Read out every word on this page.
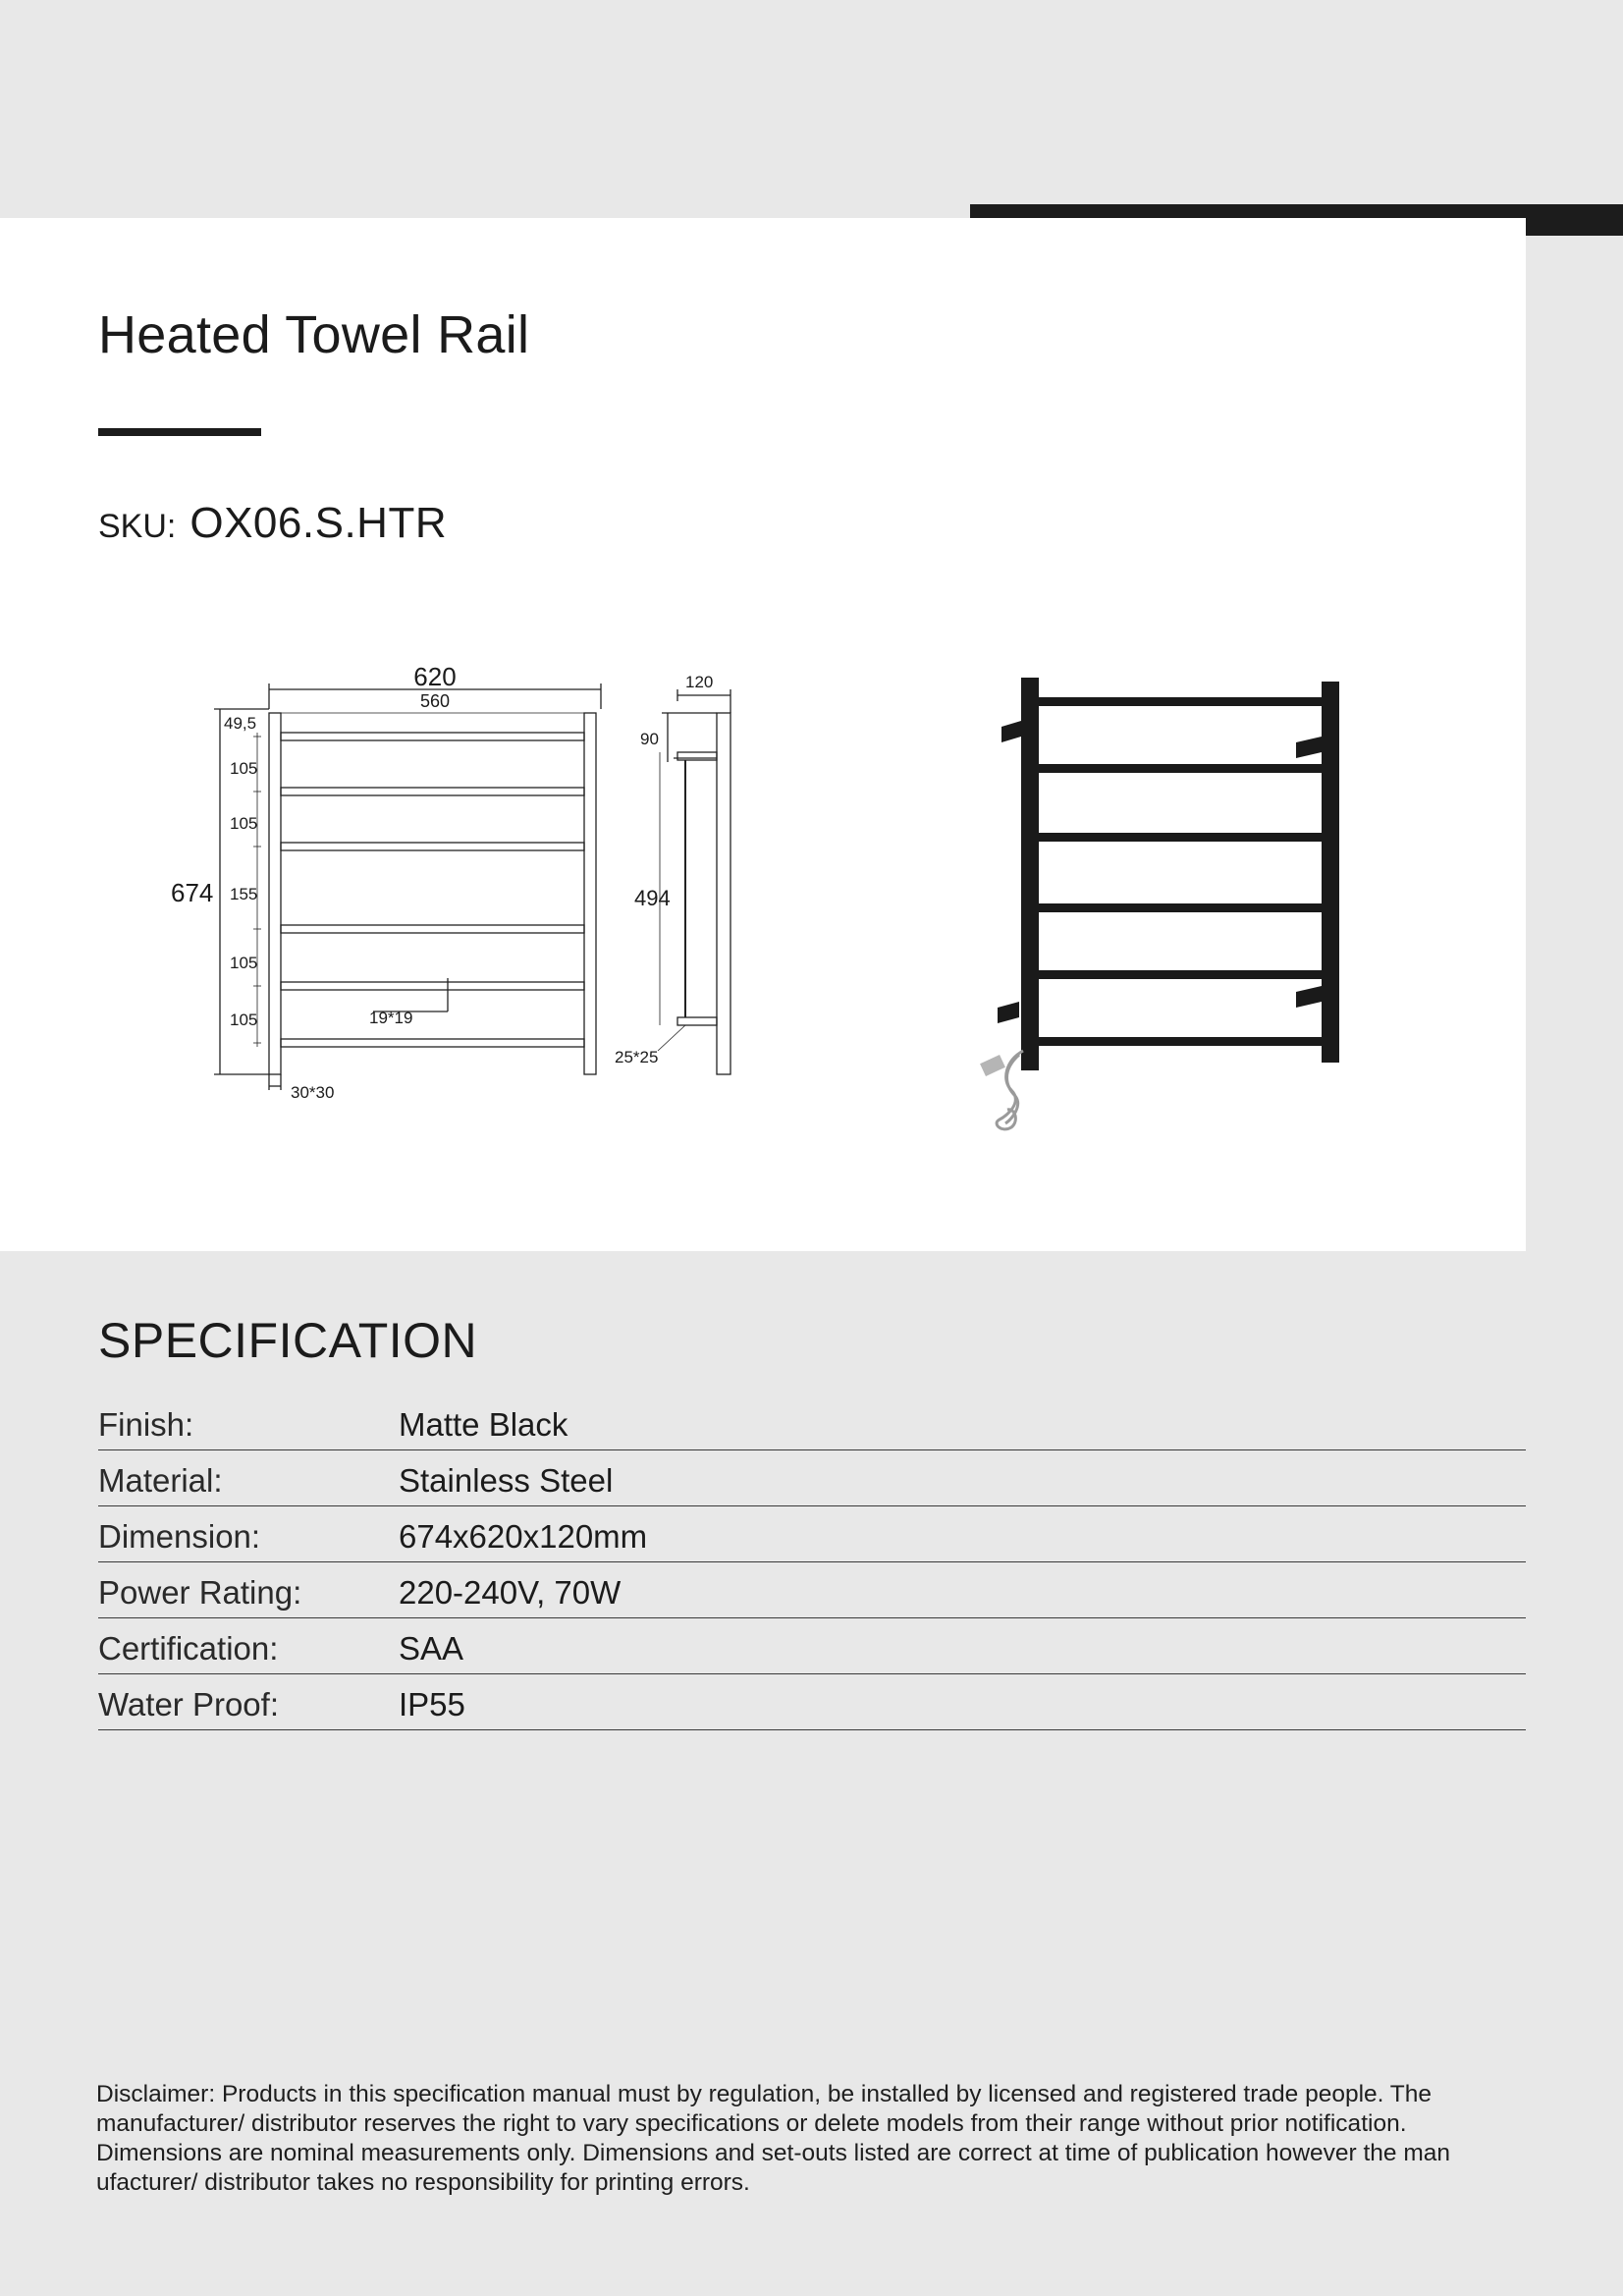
Heated Towel Rail
SKU: OX06.S.HTR
620
560
674
49,5
105
105
155
105
105	19*19
30*30
120
90
494
25*25
SPECIFICATION
Finish:	Matte Black
Material:	Stainless Steel
Dimension:	674x620x120mm
Power Rating:	220-240V, 70W
Certification:	SAA
Water Proof:	IP55
Disclaimer: Products in this specification manual must by regulation, be installed by licensed and registered trade people. The manufacturer/ distributor reserves the right to vary specifications or delete models from their range without prior notification. Dimensions are nominal measurements only. Dimensions and set-outs listed are correct at time of publication however the man ufacturer/ distributor takes no responsibility for printing errors.
